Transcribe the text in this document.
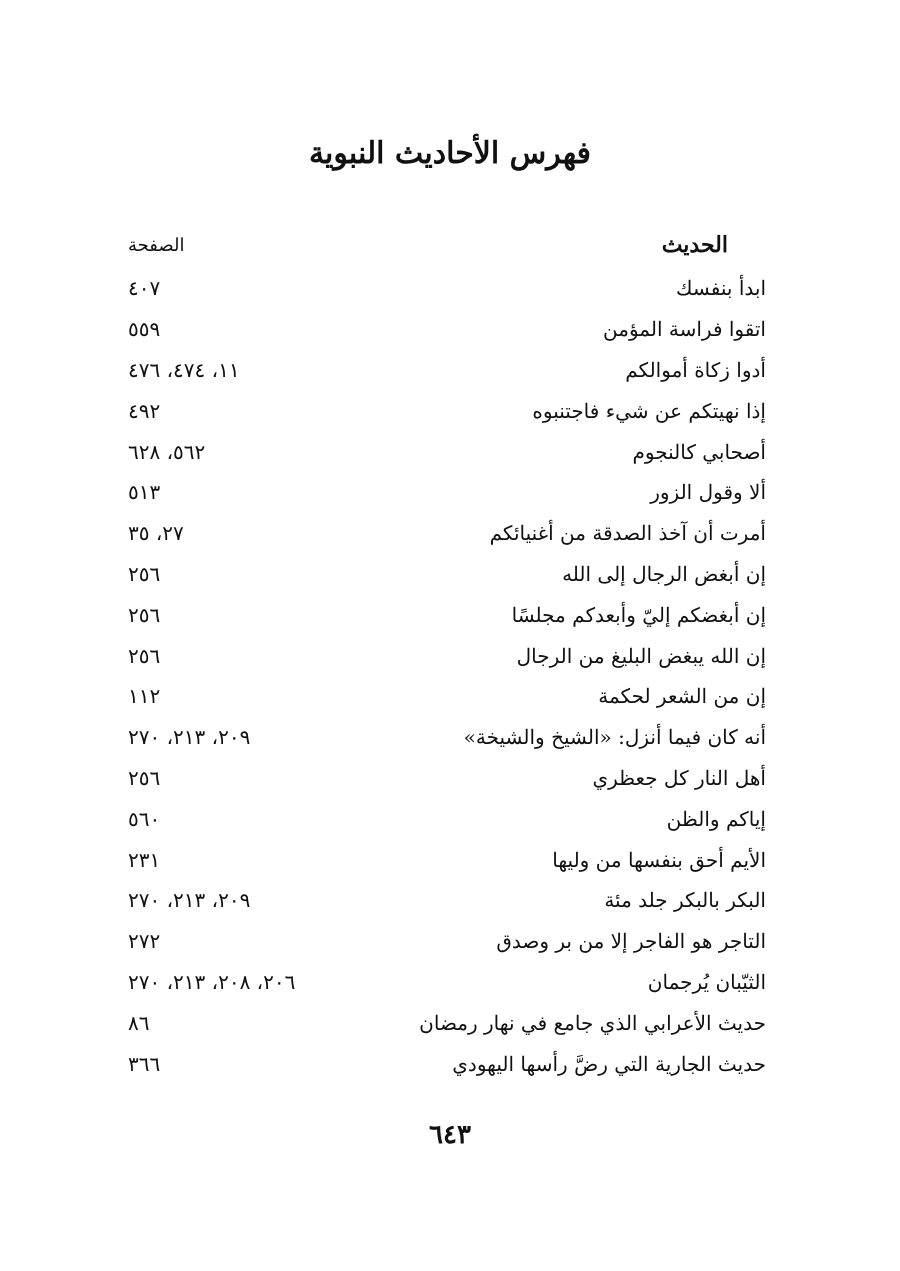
فهرس الأحاديث النبوية
الحديث
الصفحة
ابدأ بنفسك
٤٠٧
اتقوا فراسة المؤمن
٥٥٩
أدوا زكاة أموالكم
١١، ٤٧٤، ٤٧٦
إذا نهيتكم عن شيء فاجتنبوه
٤٩٢
أصحابي كالنجوم
٥٦٢، ٦٢٨
ألا وقول الزور
٥١٣
أمرت أن آخذ الصدقة من أغنيائكم
٢٧، ٣٥
إن أبغض الرجال إلى الله
٢٥٦
إن أبغضكم إليّ وأبعدكم مجلسًا
٢٥٦
إن الله يبغض البليغ من الرجال
٢٥٦
إن من الشعر لحكمة
١١٢
أنه كان فيما أنزل: «الشيخ والشيخة»
٢٠٩، ٢١٣، ٢٧٠
أهل النار كل جعظري
٢٥٦
إياكم والظن
٥٦٠
الأيم أحق بنفسها من وليها
٢٣١
البكر بالبكر جلد مئة
٢٠٩، ٢١٣، ٢٧٠
التاجر هو الفاجر إلا من بر وصدق
٢٧٢
الثيّبان يُرجمان
٢٠٦، ٢٠٨، ٢١٣، ٢٧٠
حديث الأعرابي الذي جامع في نهار رمضان
٨٦
حديث الجارية التي رضَّ رأسها اليهودي
٣٦٦
٦٤٣
